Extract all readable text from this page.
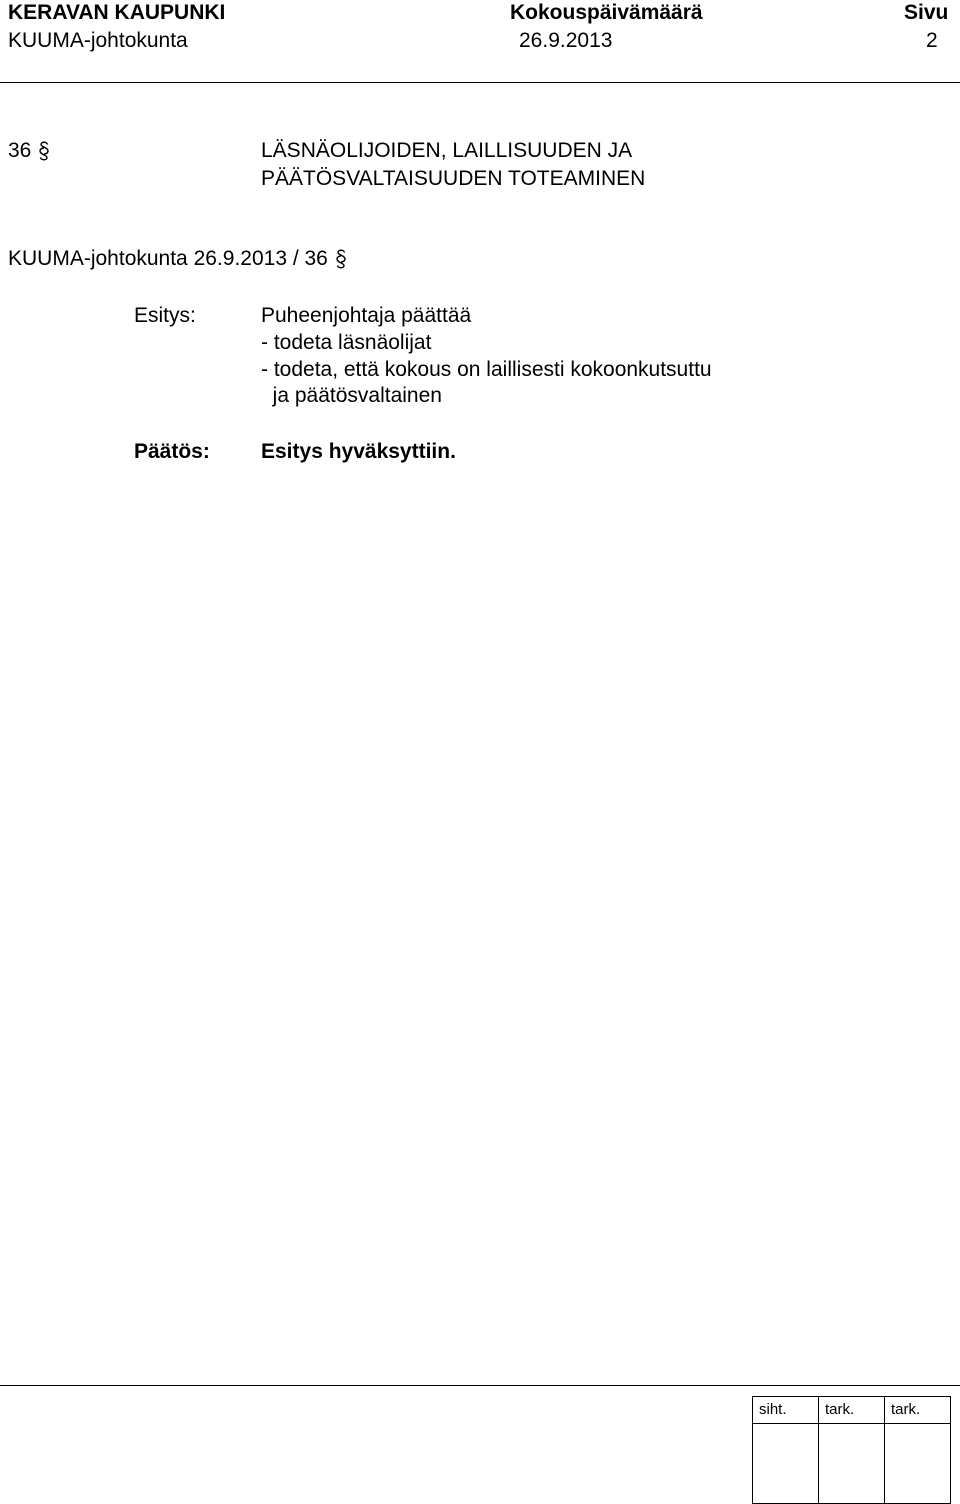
KERAVAN KAUPUNKI	Kokouspäivämäärä	Sivu
KUUMA-johtokunta	26.9.2013	2
36	LÄSNÄOLIJOIDEN, LAILLISUUDEN JA
PÄÄTÖSVALTAISUUDEN TOTEAMINEN
KUUMA-johtokunta 26.9.2013 / 36
Esitys:	Puheenjohtaja päättää
- todeta läsnäolijat
- todeta, että kokous on laillisesti kokoonkutsuttu
ja päätösvaltainen
Päätös: Esitys hyväksyttiin.
siht.	tark.	tark.
